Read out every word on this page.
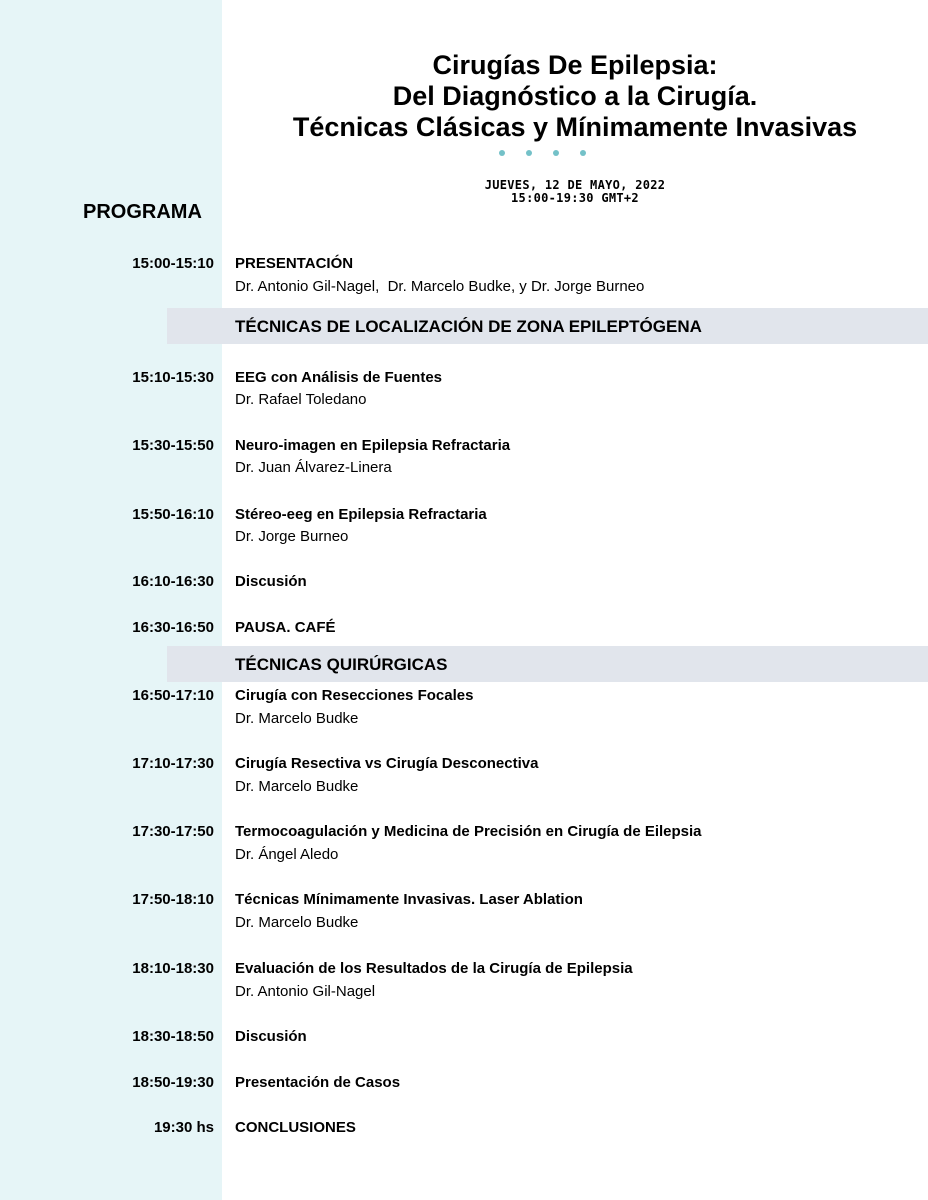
Cirugías De Epilepsia:
Del Diagnóstico a la Cirugía.
Técnicas Clásicas y Mínimamente Invasivas
JUEVES, 12 DE MAYO, 2022
15:00-19:30 GMT+2
PROGRAMA
TÉCNICAS DE LOCALIZACIÓN DE ZONA EPILEPTÓGENA
TÉCNICAS QUIRÚRGICAS
15:00-15:10 PRESENTACIÓN
Dr. Antonio Gil-Nagel,  Dr. Marcelo Budke, y Dr. Jorge Burneo
15:10-15:30 EEG con Análisis de Fuentes
Dr. Rafael Toledano
15:30-15:50 Neuro-imagen en Epilepsia Refractaria
Dr. Juan Álvarez-Linera
15:50-16:10 Stéreo-eeg en Epilepsia Refractaria
Dr. Jorge Burneo
16:10-16:30 Discusión
16:30-16:50 PAUSA. CAFÉ
16:50-17:10 Cirugía con Resecciones Focales
Dr. Marcelo Budke
17:10-17:30 Cirugía Resectiva vs Cirugía Desconectiva
Dr. Marcelo Budke
17:30-17:50 Termocoagulación y Medicina de Precisión en Cirugía de Eilepsia
Dr. Ángel Aledo
17:50-18:10 Técnicas Mínimamente Invasivas. Laser Ablation
Dr. Marcelo Budke
18:10-18:30 Evaluación de los Resultados de la Cirugía de Epilepsia
Dr. Antonio Gil-Nagel
18:30-18:50 Discusión
18:50-19:30 Presentación de Casos
19:30 hs CONCLUSIONES
